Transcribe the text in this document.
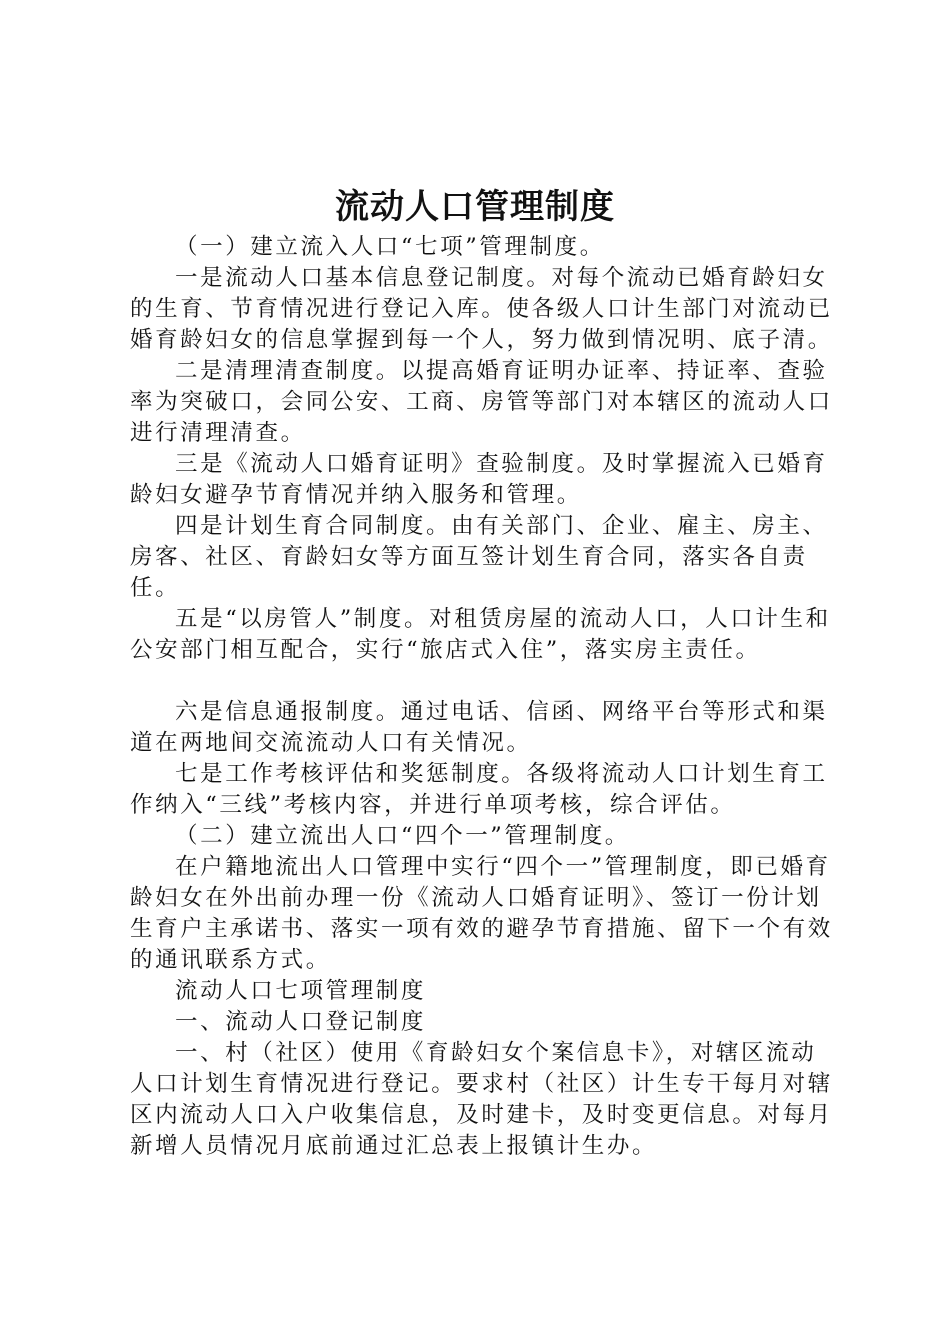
流动人口管理制度

（一）建立流入人口“七项”管理制度。

一是流动人口基本信息登记制度。对每个流动已婚育龄妇女的生育、节育情况进行登记入库。使各级人口计生部门对流动已婚育龄妇女的信息掌握到每一个人，努力做到情况明、底子清。

二是清理清查制度。以提高婚育证明办证率、持证率、查验率为突破口，会同公安、工商、房管等部门对本辖区的流动人口进行清理清查。

三是《流动人口婚育证明》查验制度。及时掌握流入已婚育龄妇女避孕节育情况并纳入服务和管理。

四是计划生育合同制度。由有关部门、企业、雇主、房主、房客、社区、育龄妇女等方面互签计划生育合同，落实各自责任。

五是“以房管人”制度。对租赁房屋的流动人口，人口计生和公安部门相互配合，实行“旅店式入住”，落实房主责任。

六是信息通报制度。通过电话、信函、网络平台等形式和渠道在两地间交流流动人口有关情况。

七是工作考核评估和奖惩制度。各级将流动人口计划生育工作纳入“三线”考核内容，并进行单项考核，综合评估。

（二）建立流出人口“四个一”管理制度。

在户籍地流出人口管理中实行“四个一”管理制度，即已婚育龄妇女在外出前办理一份《流动人口婚育证明》、签订一份计划生育户主承诺书、落实一项有效的避孕节育措施、留下一个有效的通讯联系方式。

流动人口七项管理制度

一、流动人口登记制度

一、村（社区）使用《育龄妇女个案信息卡》，对辖区流动人口计划生育情况进行登记。要求村（社区）计生专干每月对辖区内流动人口入户收集信息，及时建卡，及时变更信息。对每月新增人员情况月底前通过汇总表上报镇计生办。
